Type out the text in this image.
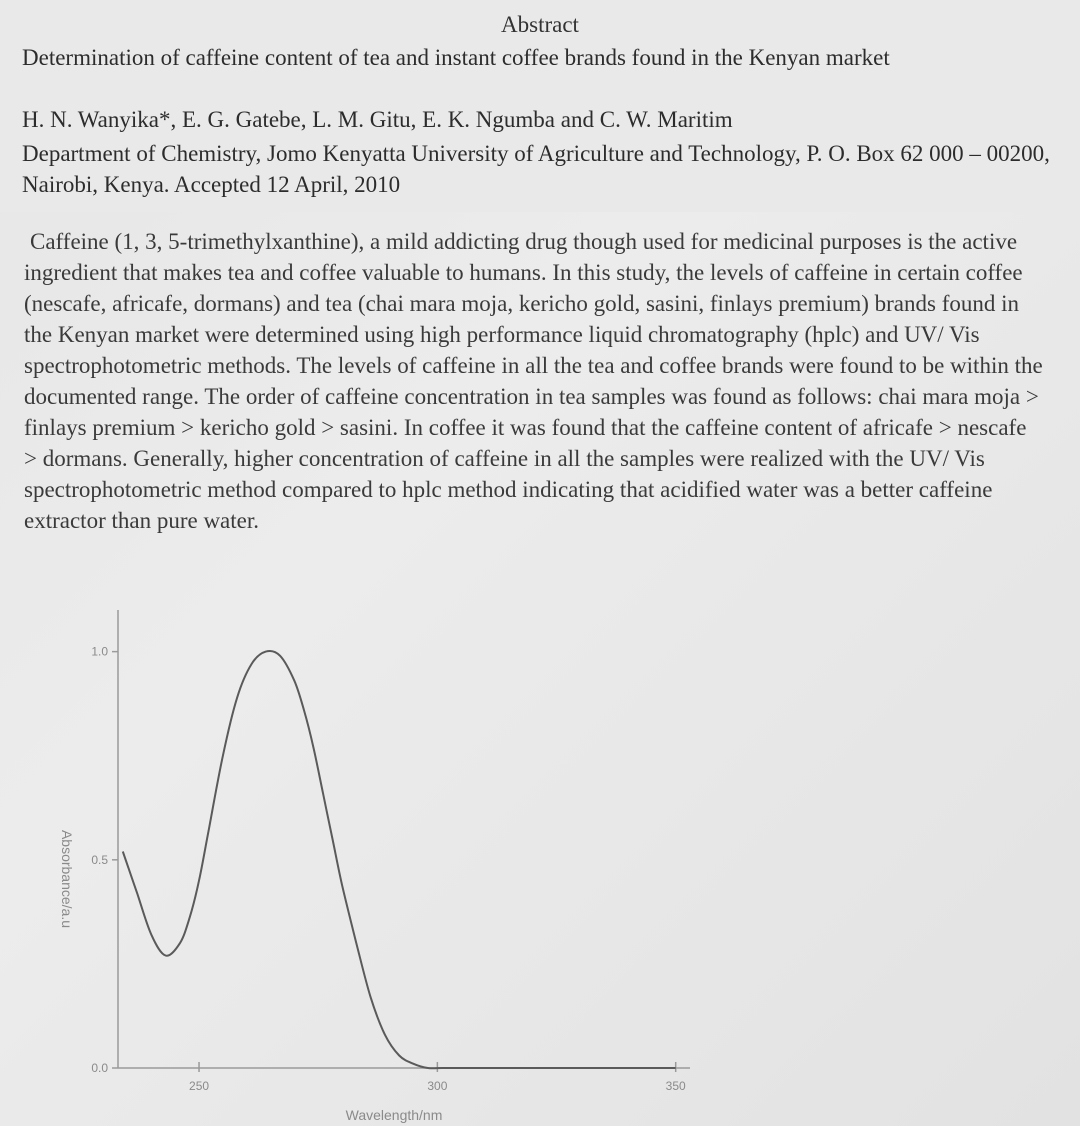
Abstract
Determination of caffeine content of tea and instant coffee brands found in the Kenyan market
H. N. Wanyika*, E. G. Gatebe, L. M. Gitu, E. K. Ngumba and C. W. Maritim
Department of Chemistry, Jomo Kenyatta University of Agriculture and Technology, P. O. Box 62 000 – 00200, Nairobi, Kenya. Accepted 12 April, 2010

Caffeine (1, 3, 5-trimethylxanthine), a mild addicting drug though used for medicinal purposes is the active ingredient that makes tea and coffee valuable to humans. In this study, the levels of caffeine in certain coffee (nescafe, africafe, dormans) and tea (chai mara moja, kericho gold, sasini, finlays premium) brands found in the Kenyan market were determined using high performance liquid chromatography (hplc) and UV/ Vis spectrophotometric methods. The levels of caffeine in all the tea and coffee brands were found to be within the documented range. The order of caffeine concentration in tea samples was found as follows: chai mara moja > finlays premium > kericho gold > sasini. In coffee it was found that the caffeine content of africafe > nescafe > dormans. Generally, higher concentration of caffeine in all the samples were realized with the UV/ Vis spectrophotometric method compared to hplc method indicating that acidified water was a better caffeine extractor than pure water.

0.0
0.5
1.0
250	300	350
Wavelength/nm
Absorbance/a.u
